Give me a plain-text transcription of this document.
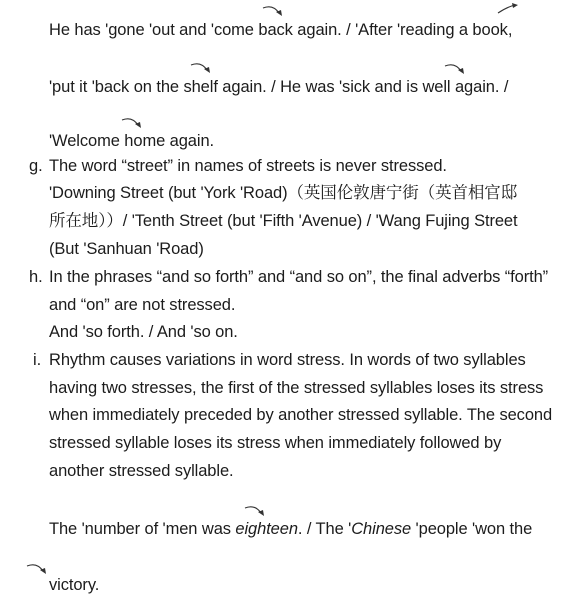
He has 'gone 'out and 'come back again. / 'After 'reading a book,
'put it 'back on the shelf again. / He was 'sick and is well again. /
'Welcome home again.
g. The word “street” in names of streets is never stressed.
'Downing Street (but 'York 'Road)（英国伦敦唐宁街（英首相官邸
所在地））/ 'Tenth Street (but 'Fifth 'Avenue) / 'Wang Fujing Street
(But 'Sanhuan 'Road)
h. In the phrases “and so forth” and “and so on”, the final adverbs “forth”
and “on” are not stressed.
And 'so forth. / And 'so on.
i. Rhythm causes variations in word stress. In words of two syllables
having two stresses, the first of the stressed syllables loses its stress
when immediately preceded by another stressed syllable. The second
stressed syllable loses its stress when immediately followed by
another stressed syllable.
The 'number of 'men was eighteen. / The 'Chinese 'people 'won the
victory.
